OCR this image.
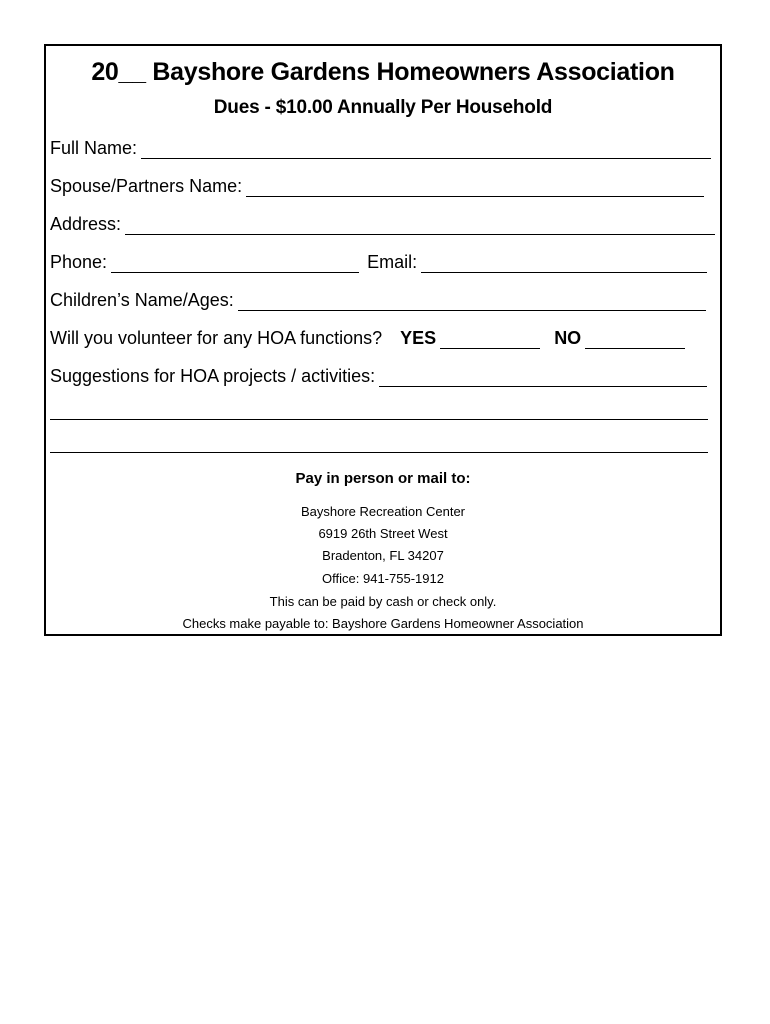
20__ Bayshore Gardens Homeowners Association
Dues - $10.00 Annually Per Household
Full Name:
Spouse/Partners Name:
Address:
Phone:	Email:
Children’s Name/Ages:
Will you volunteer for any HOA functions? YES	NO
Suggestions for HOA projects / activities:
Pay in person or mail to:
Bayshore Recreation Center
6919 26th Street West
Bradenton, FL 34207
Office: 941-755-1912
This can be paid by cash or check only.
Checks make payable to: Bayshore Gardens Homeowner Association
